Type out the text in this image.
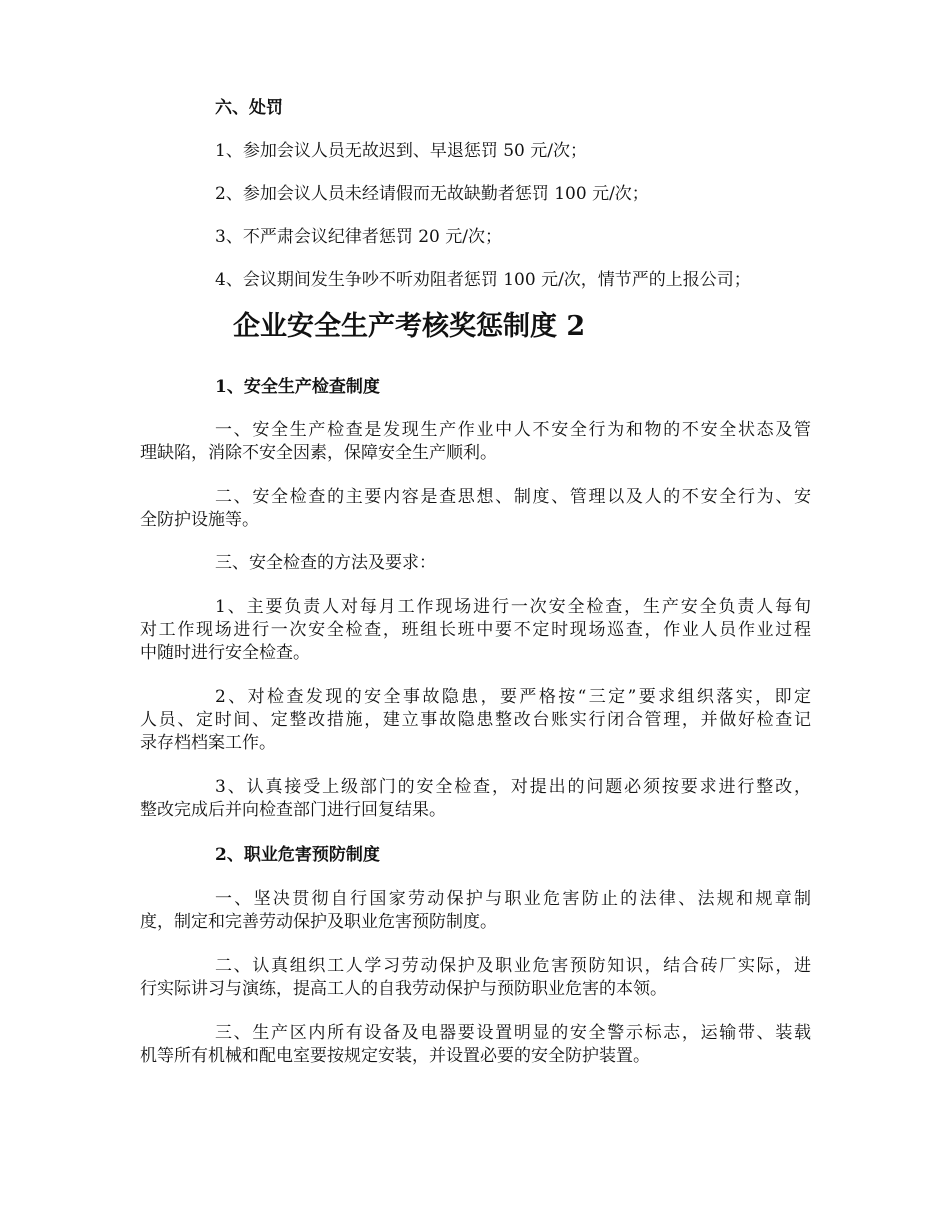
六、处罚

1、参加会议人员无故迟到、早退惩罚 50 元/次；

2、参加会议人员未经请假而无故缺勤者惩罚 100 元/次；

3、不严肃会议纪律者惩罚 20 元/次；

4、会议期间发生争吵不听劝阻者惩罚 100 元/次，情节严的上报公司；

企业安全生产考核奖惩制度 2

1、安全生产检查制度

一、安全生产检查是发现生产作业中人不安全行为和物的不安全状态及管

理缺陷，消除不安全因素，保障安全生产顺利。

二、安全检查的主要内容是查思想、制度、管理以及人的不安全行为、安

全防护设施等。

三、安全检查的方法及要求：

1、主要负责人对每月工作现场进行一次安全检查，生产安全负责人每旬

对工作现场进行一次安全检查，班组长班中要不定时现场巡查，作业人员作业过程

中随时进行安全检查。

2、对检查发现的安全事故隐患，要严格按“三定”要求组织落实，即定

人员、定时间、定整改措施，建立事故隐患整改台账实行闭合管理，并做好检查记

录存档档案工作。

3、认真接受上级部门的安全检查，对提出的问题必须按要求进行整改，

整改完成后并向检查部门进行回复结果。

2、职业危害预防制度

一、坚决贯彻自行国家劳动保护与职业危害防止的法律、法规和规章制

度，制定和完善劳动保护及职业危害预防制度。

二、认真组织工人学习劳动保护及职业危害预防知识，结合砖厂实际，进

行实际讲习与演练，提高工人的自我劳动保护与预防职业危害的本领。

三、生产区内所有设备及电器要设置明显的安全警示标志，运输带、装载

机等所有机械和配电室要按规定安装，并设置必要的安全防护装置。
